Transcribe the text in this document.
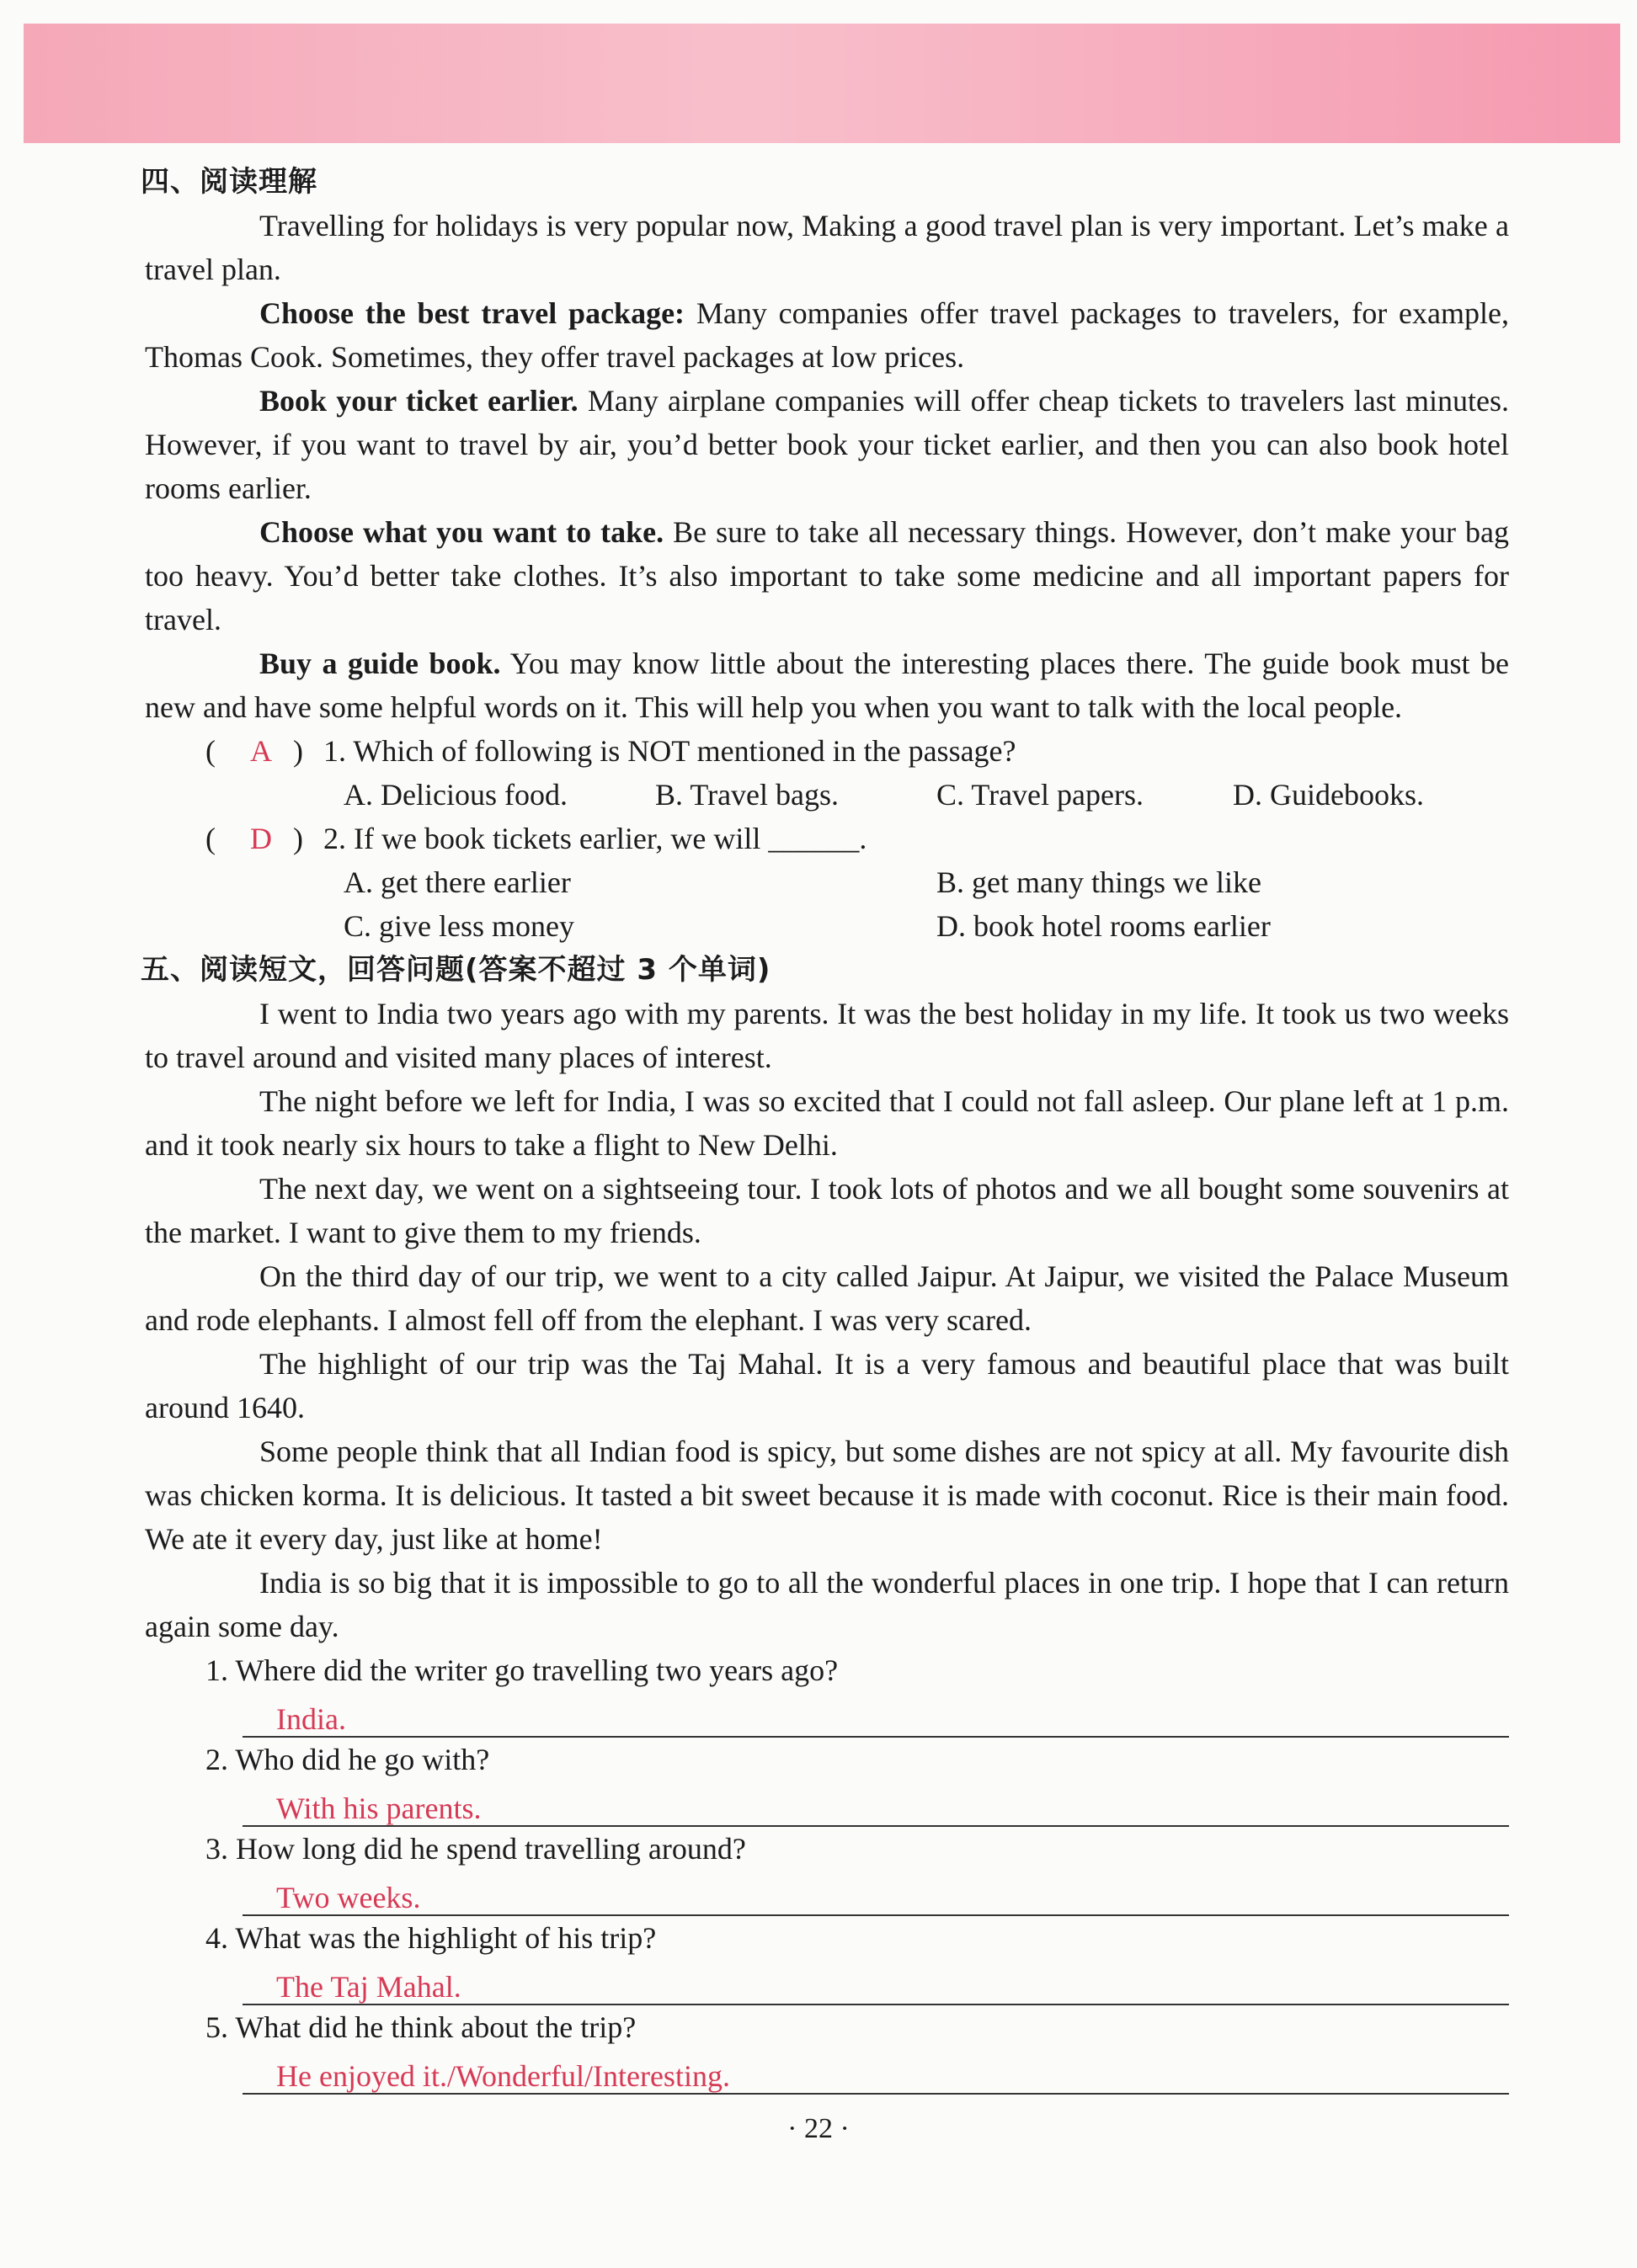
四、阅读理解
Travelling for holidays is very popular now, Making a good travel plan is very important. Let’s make a travel plan.
Choose the best travel package: Many companies offer travel packages to travelers, for example, Thomas Cook. Sometimes, they offer travel packages at low prices.
Book your ticket earlier. Many airplane companies will offer cheap tickets to travelers last minutes. However, if you want to travel by air, you’d better book your ticket earlier, and then you can also book hotel rooms earlier.
Choose what you want to take. Be sure to take all necessary things. However, don’t make your bag too heavy. You’d better take clothes. It’s also important to take some medicine and all important papers for travel.
Buy a guide book. You may know little about the interesting places there. The guide book must be new and have some helpful words on it. This will help you when you want to talk with the local people.
( A ) 1. Which of following is NOT mentioned in the passage?
A. Delicious food.	B. Travel bags.	C. Travel papers.	D. Guidebooks.
( D ) 2. If we book tickets earlier, we will ______.
A. get there earlier	B. get many things we like
C. give less money	D. book hotel rooms earlier
五、阅读短文，回答问题(答案不超过 3 个单词)
I went to India two years ago with my parents. It was the best holiday in my life. It took us two weeks to travel around and visited many places of interest.
The night before we left for India, I was so excited that I could not fall asleep. Our plane left at 1 p.m. and it took nearly six hours to take a flight to New Delhi.
The next day, we went on a sightseeing tour. I took lots of photos and we all bought some souvenirs at the market. I want to give them to my friends.
On the third day of our trip, we went to a city called Jaipur. At Jaipur, we visited the Palace Museum and rode elephants. I almost fell off from the elephant. I was very scared.
The highlight of our trip was the Taj Mahal. It is a very famous and beautiful place that was built around 1640.
Some people think that all Indian food is spicy, but some dishes are not spicy at all. My favourite dish was chicken korma. It is delicious. It tasted a bit sweet because it is made with coconut. Rice is their main food. We ate it every day, just like at home!
India is so big that it is impossible to go to all the wonderful places in one trip. I hope that I can return again some day.
1. Where did the writer go travelling two years ago?
India.
2. Who did he go with?
With his parents.
3. How long did he spend travelling around?
Two weeks.
4. What was the highlight of his trip?
The Taj Mahal.
5. What did he think about the trip?
He enjoyed it./Wonderful/Interesting.
· 22 ·
